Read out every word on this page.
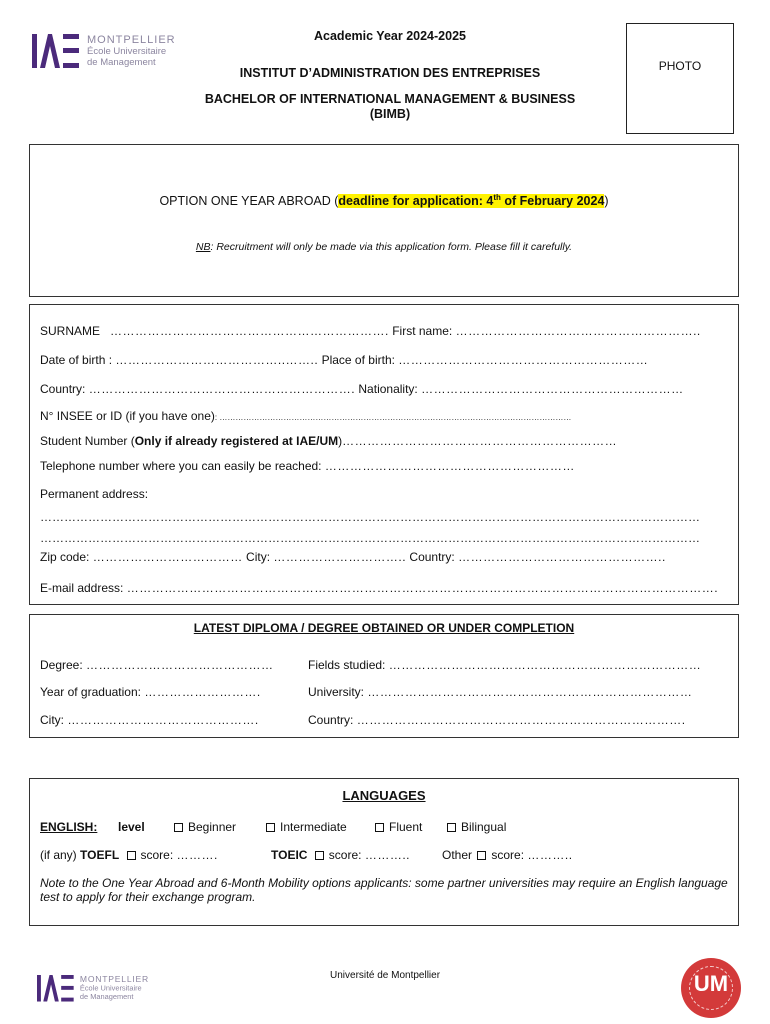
MONTPELLIER
École Universitaire
de Management
Academic Year 2024-2025
INSTITUT D’ADMINISTRATION DES ENTREPRISES
BACHELOR OF INTERNATIONAL MANAGEMENT & BUSINESS
(BIMB)
PHOTO
OPTION ONE YEAR ABROAD (deadline for application: 4th of February 2024)
NB: Recruitment will only be made via this application form. Please fill it carefully.
SURNAME …………………………………………………………. First name: …………………………………………………..
Date of birth : …………………………………..…….. Place of birth: ……………………………………………………
Country: ………………………………………………………. Nationality: ………………………………………………………
N° INSEE or ID (if you have one): ……………………………………………………………………………………………………………………
Student Number (Only if already registered at IAE/UM)…………………………………………………………
Telephone number where you can easily be reached: ……………………………………………………
Permanent address:
…………………………………………………………………………………………………………………………………………………
…………………………………………………………………………………………………………………………………………………
Zip code: ……………………………… City: ………………………….. Country: …………………………………………..
E-mail address: …………………………………………………………………………………………………………………………….
LATEST DIPLOMA / DEGREE OBTAINED OR UNDER COMPLETION
Degree: ………………………………………	Fields studied: …………………………………………………………………
Year of graduation: ……………………….	University: ……………………………………………………………………
City: ……………………………………….	Country: …………………………………………………………………….
LANGUAGES
ENGLISH: level	Beginner	Intermediate	Fluent	Bilingual
(if any) TOEFL score: ……….	TOEIC score: ………..	Other score: ………..
Note to the One Year Abroad and 6-Month Mobility options applicants: some partner universities may require an English language test to apply for their exchange program.
MONTPELLIER
École Universitaire
de Management
Université de Montpellier	UM
